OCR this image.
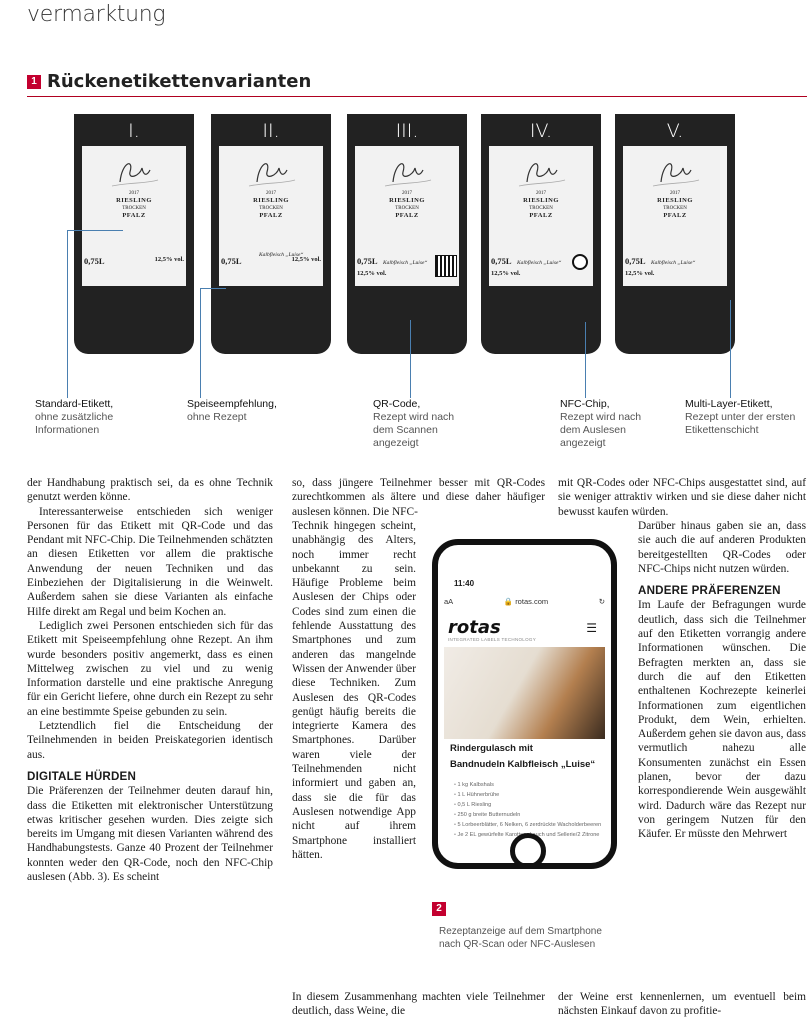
vermarktung
1 Rückenetikettenvarianten
I.
2017
RIESLING
TROCKEN
PFALZ
0,75L	12,5% vol.
II.
2017
RIESLING
TROCKEN
PFALZ
0,75L	12,5% vol.
Kalbfleisch „Luise“
III.
2017
RIESLING
TROCKEN
PFALZ
0,75L
12,5% vol.
Kalbfleisch „Luise“
IV.
2017
RIESLING
TROCKEN
PFALZ
0,75L
12,5% vol.
Kalbfleisch „Luise“
V.
2017
RIESLING
TROCKEN
PFALZ
0,75L
12,5% vol.
Kalbfleisch „Luise“
Standard-Etikett,
ohne zusätzliche Informationen
Speiseempfehlung,
ohne Rezept
QR-Code,
Rezept wird nach dem Scannen angezeigt
NFC-Chip,
Rezept wird nach dem Auslesen angezeigt
Multi-Layer-Etikett,
Rezept unter der ersten Etikettenschicht

der Handhabung praktisch sei, da es ohne Technik genutzt werden könne.

Interessanterweise entschieden sich weniger Personen für das Etikett mit QR-Code und das Pendant mit NFC-Chip. Die Teilnehmenden schätzten an diesen Etiketten vor allem die praktische Anwendung der neuen Techniken und das Einbeziehen der Digitalisierung in die Weinwelt. Außerdem sahen sie diese Varianten als einfache Hilfe direkt am Regal und beim Kochen an.

Lediglich zwei Personen entschieden sich für das Etikett mit Speiseempfehlung ohne Rezept. An ihm wurde besonders positiv angemerkt, dass es einen Mittelweg zwischen zu viel und zu wenig Information darstelle und eine praktische Anregung für ein Gericht liefere, ohne durch ein Rezept zu sehr an eine bestimmte Speise gebunden zu sein.

Letztendlich fiel die Entscheidung der Teilnehmenden in beiden Preiskategorien identisch aus.

DIGITALE HÜRDEN

Die Präferenzen der Teilnehmer deuten darauf hin, dass die Etiketten mit elektronischer Unterstützung etwas kritischer gesehen wurden. Dies zeigte sich bereits im Umgang mit diesen Varianten während des Handhabungstests. Ganze 40 Prozent der Teilnehmer konnten weder den QR-Code, noch den NFC-Chip auslesen (Abb. 3). Es scheint

so, dass jüngere Teilnehmer besser mit QR-Codes zurechtkommen als ältere und diese daher häufiger auslesen können. Die NFC-

Technik hingegen scheint, unabhängig des Alters, noch immer recht unbekannt zu sein. Häufige Probleme beim Auslesen der Chips oder Codes sind zum einen die fehlende Ausstattung des Smartphones und zum anderen das mangelnde Wissen der Anwender über diese Techniken. Zum Auslesen des QR-Codes genügt häufig bereits die integrierte Kamera des Smartphones. Darüber waren viele der Teilnehmenden nicht informiert und gaben an, dass sie die für das Auslesen notwendige App nicht auf ihrem Smartphone installiert hätten.

In diesem Zusammenhang machten viele Teilnehmer deutlich, dass Weine, die

mit QR-Codes oder NFC-Chips ausgestattet sind, auf sie weniger attraktiv wirken und sie diese daher nicht bewusst kaufen würden.

Darüber hinaus gaben sie an, dass sie auch die auf anderen Produkten bereitgestellten QR-Codes oder NFC-Chips nicht nutzen würden.

ANDERE PRÄFERENZEN

Im Laufe der Befragungen wurde deutlich, dass sich die Teilnehmer auf den Etiketten vorrangig andere Informationen wünschen. Die Befragten merkten an, dass sie durch die auf den Etiketten enthaltenen Kochrezepte keinerlei Informationen zum eigentlichen Produkt, dem Wein, erhielten. Außerdem gehen sie davon aus, dass vermutlich nahezu alle Konsumenten zunächst ein Essen planen, bevor der dazu korrespondierende Wein ausgewählt wird. Dadurch wäre das Rezept nur von geringem Nutzen für den Käufer. Er müsste den Mehrwert

der Weine erst kennenlernen, um eventuell beim nächsten Einkauf davon zu profitie-

11:40
aA	🔒 rotas.com	↻
rotas
INTEGRATED LABELS TECHNOLOGY
☰
Rindergulasch mit
Bandnudeln Kalbfleisch „Luise“
• 1 kg Kalbshals
• 1 L Hühnerbrühe
• 0,5 L Riesling
• 250 g breite Butternudeln
• 5 Lorbeerblätter, 6 Nelken, 6 zerdrückte Wacholderbeeren
• Je 2 EL gewürfelte Karotten, Lauch und Sellerie/2 Zitrone
2
Rezeptanzeige auf dem Smartphone nach QR-Scan oder NFC-Auslesen
